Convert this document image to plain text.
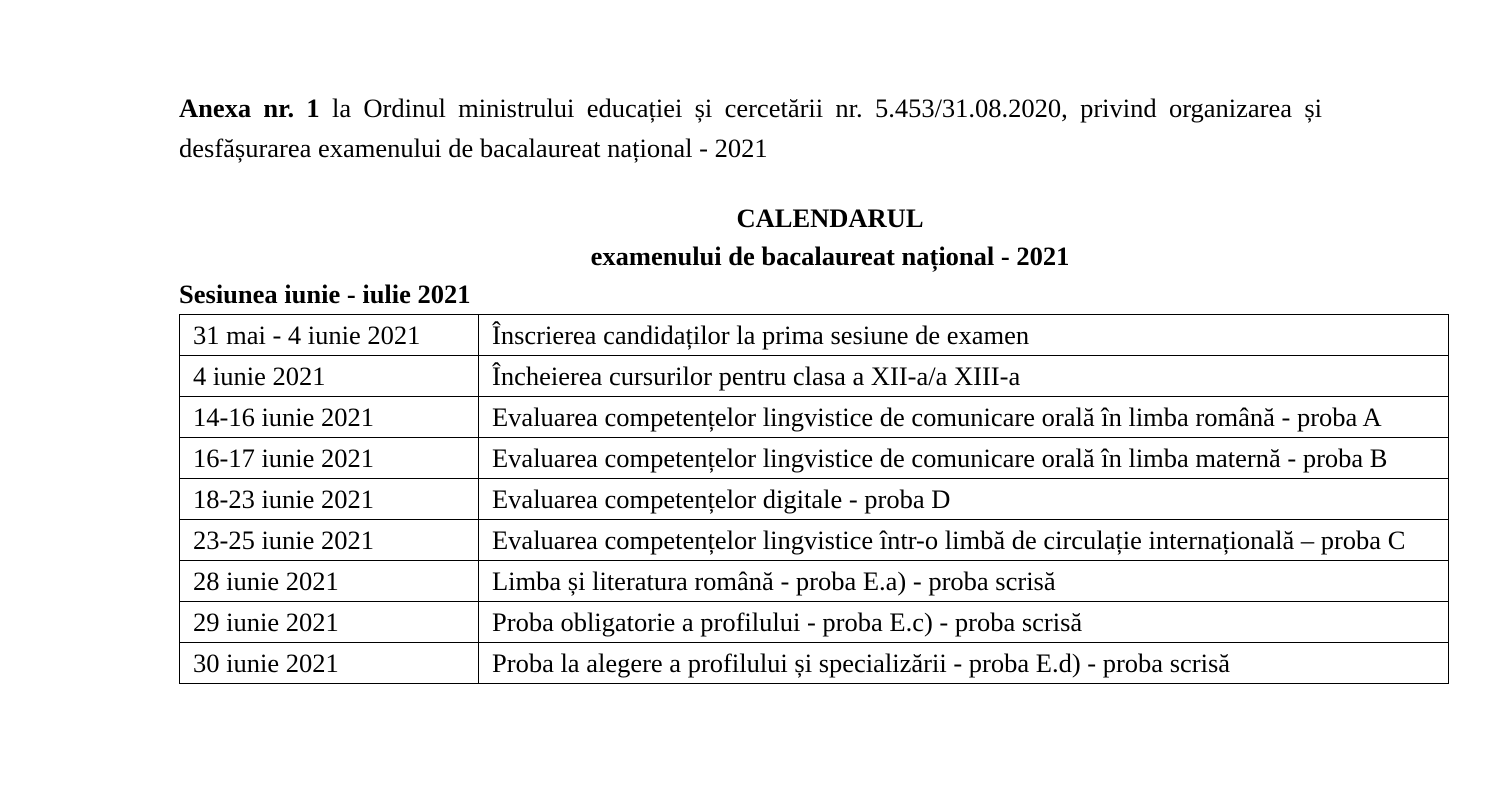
Anexa nr. 1 la Ordinul ministrului educației și cercetării nr. 5.453/31.08.2020, privind organizarea și desfășurarea examenului de bacalaureat național - 2021

CALENDARUL

examenului de bacalaureat național - 2021

Sesiunea iunie - iulie 2021

31 mai - 4 iunie 2021	Înscrierea candidaților la prima sesiune de examen
4 iunie 2021	Încheierea cursurilor pentru clasa a XII-a/a XIII-a
14-16 iunie 2021	Evaluarea competențelor lingvistice de comunicare orală în limba română - proba A
16-17 iunie 2021	Evaluarea competențelor lingvistice de comunicare orală în limba maternă - proba B
18-23 iunie 2021	Evaluarea competențelor digitale - proba D
23-25 iunie 2021	Evaluarea competențelor lingvistice într-o limbă de circulație internațională – proba C
28 iunie 2021	Limba și literatura română - proba E.a) - proba scrisă
29 iunie 2021	Proba obligatorie a profilului - proba E.c) - proba scrisă
30 iunie 2021	Proba la alegere a profilului și specializării - proba E.d) - proba scrisă
